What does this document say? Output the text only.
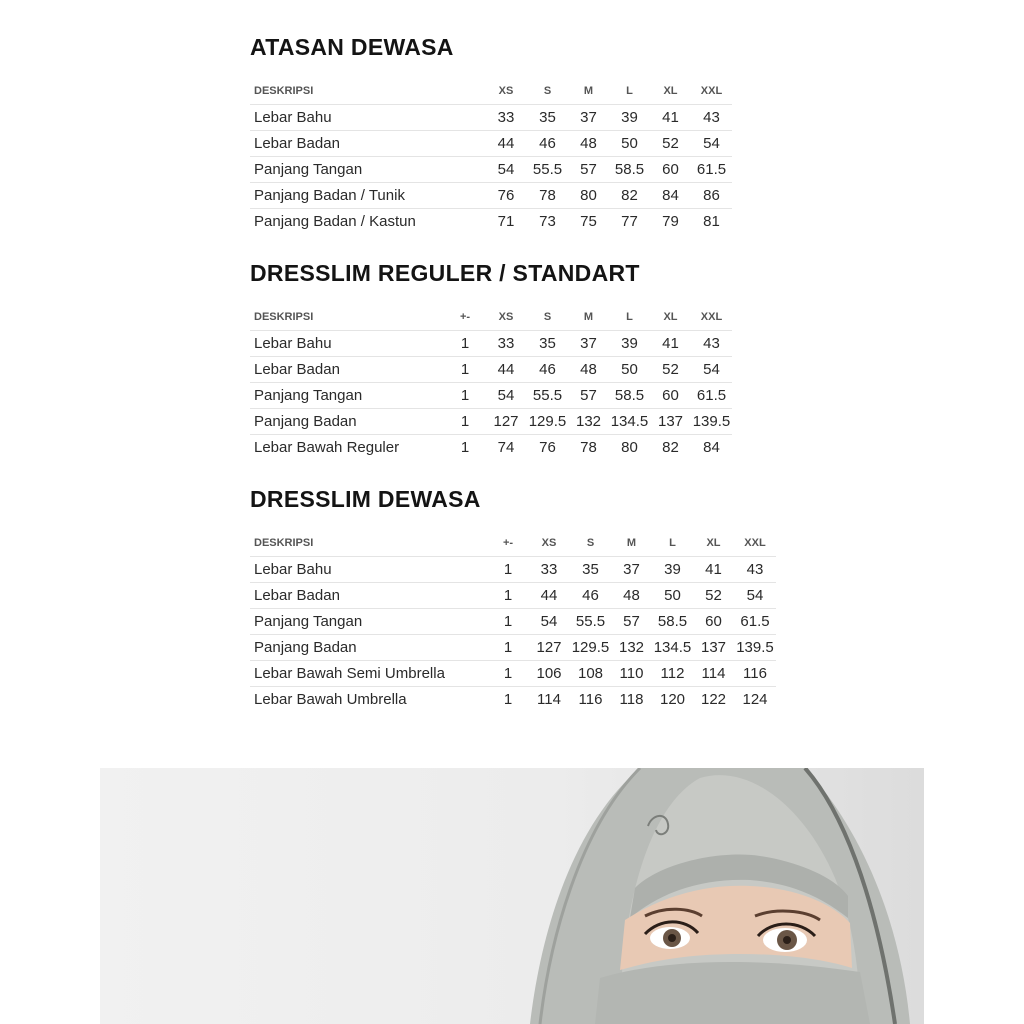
ATASAN DEWASA
DESKRIPSI	XS	S	M	L	XL	XXL
Lebar Bahu	33	35	37	39	41	43
Lebar Badan	44	46	48	50	52	54
Panjang Tangan	54	55.5	57	58.5	60	61.5
Panjang Badan / Tunik	76	78	80	82	84	86
Panjang Badan / Kastun	71	73	75	77	79	81
DRESSLIM REGULER / STANDART
DESKRIPSI	+-	XS	S	M	L	XL	XXL
Lebar Bahu	1	33	35	37	39	41	43
Lebar Badan	1	44	46	48	50	52	54
Panjang Tangan	1	54	55.5	57	58.5	60	61.5
Panjang Badan	1	127	129.5	132	134.5	137	139.5
Lebar Bawah Reguler	1	74	76	78	80	82	84
DRESSLIM DEWASA
DESKRIPSI	+-	XS	S	M	L	XL	XXL
Lebar Bahu	1	33	35	37	39	41	43
Lebar Badan	1	44	46	48	50	52	54
Panjang Tangan	1	54	55.5	57	58.5	60	61.5
Panjang Badan	1	127	129.5	132	134.5	137	139.5
Lebar Bawah Semi Umbrella	1	106	108	110	112	114	116
Lebar Bawah Umbrella	1	114	116	118	120	122	124
